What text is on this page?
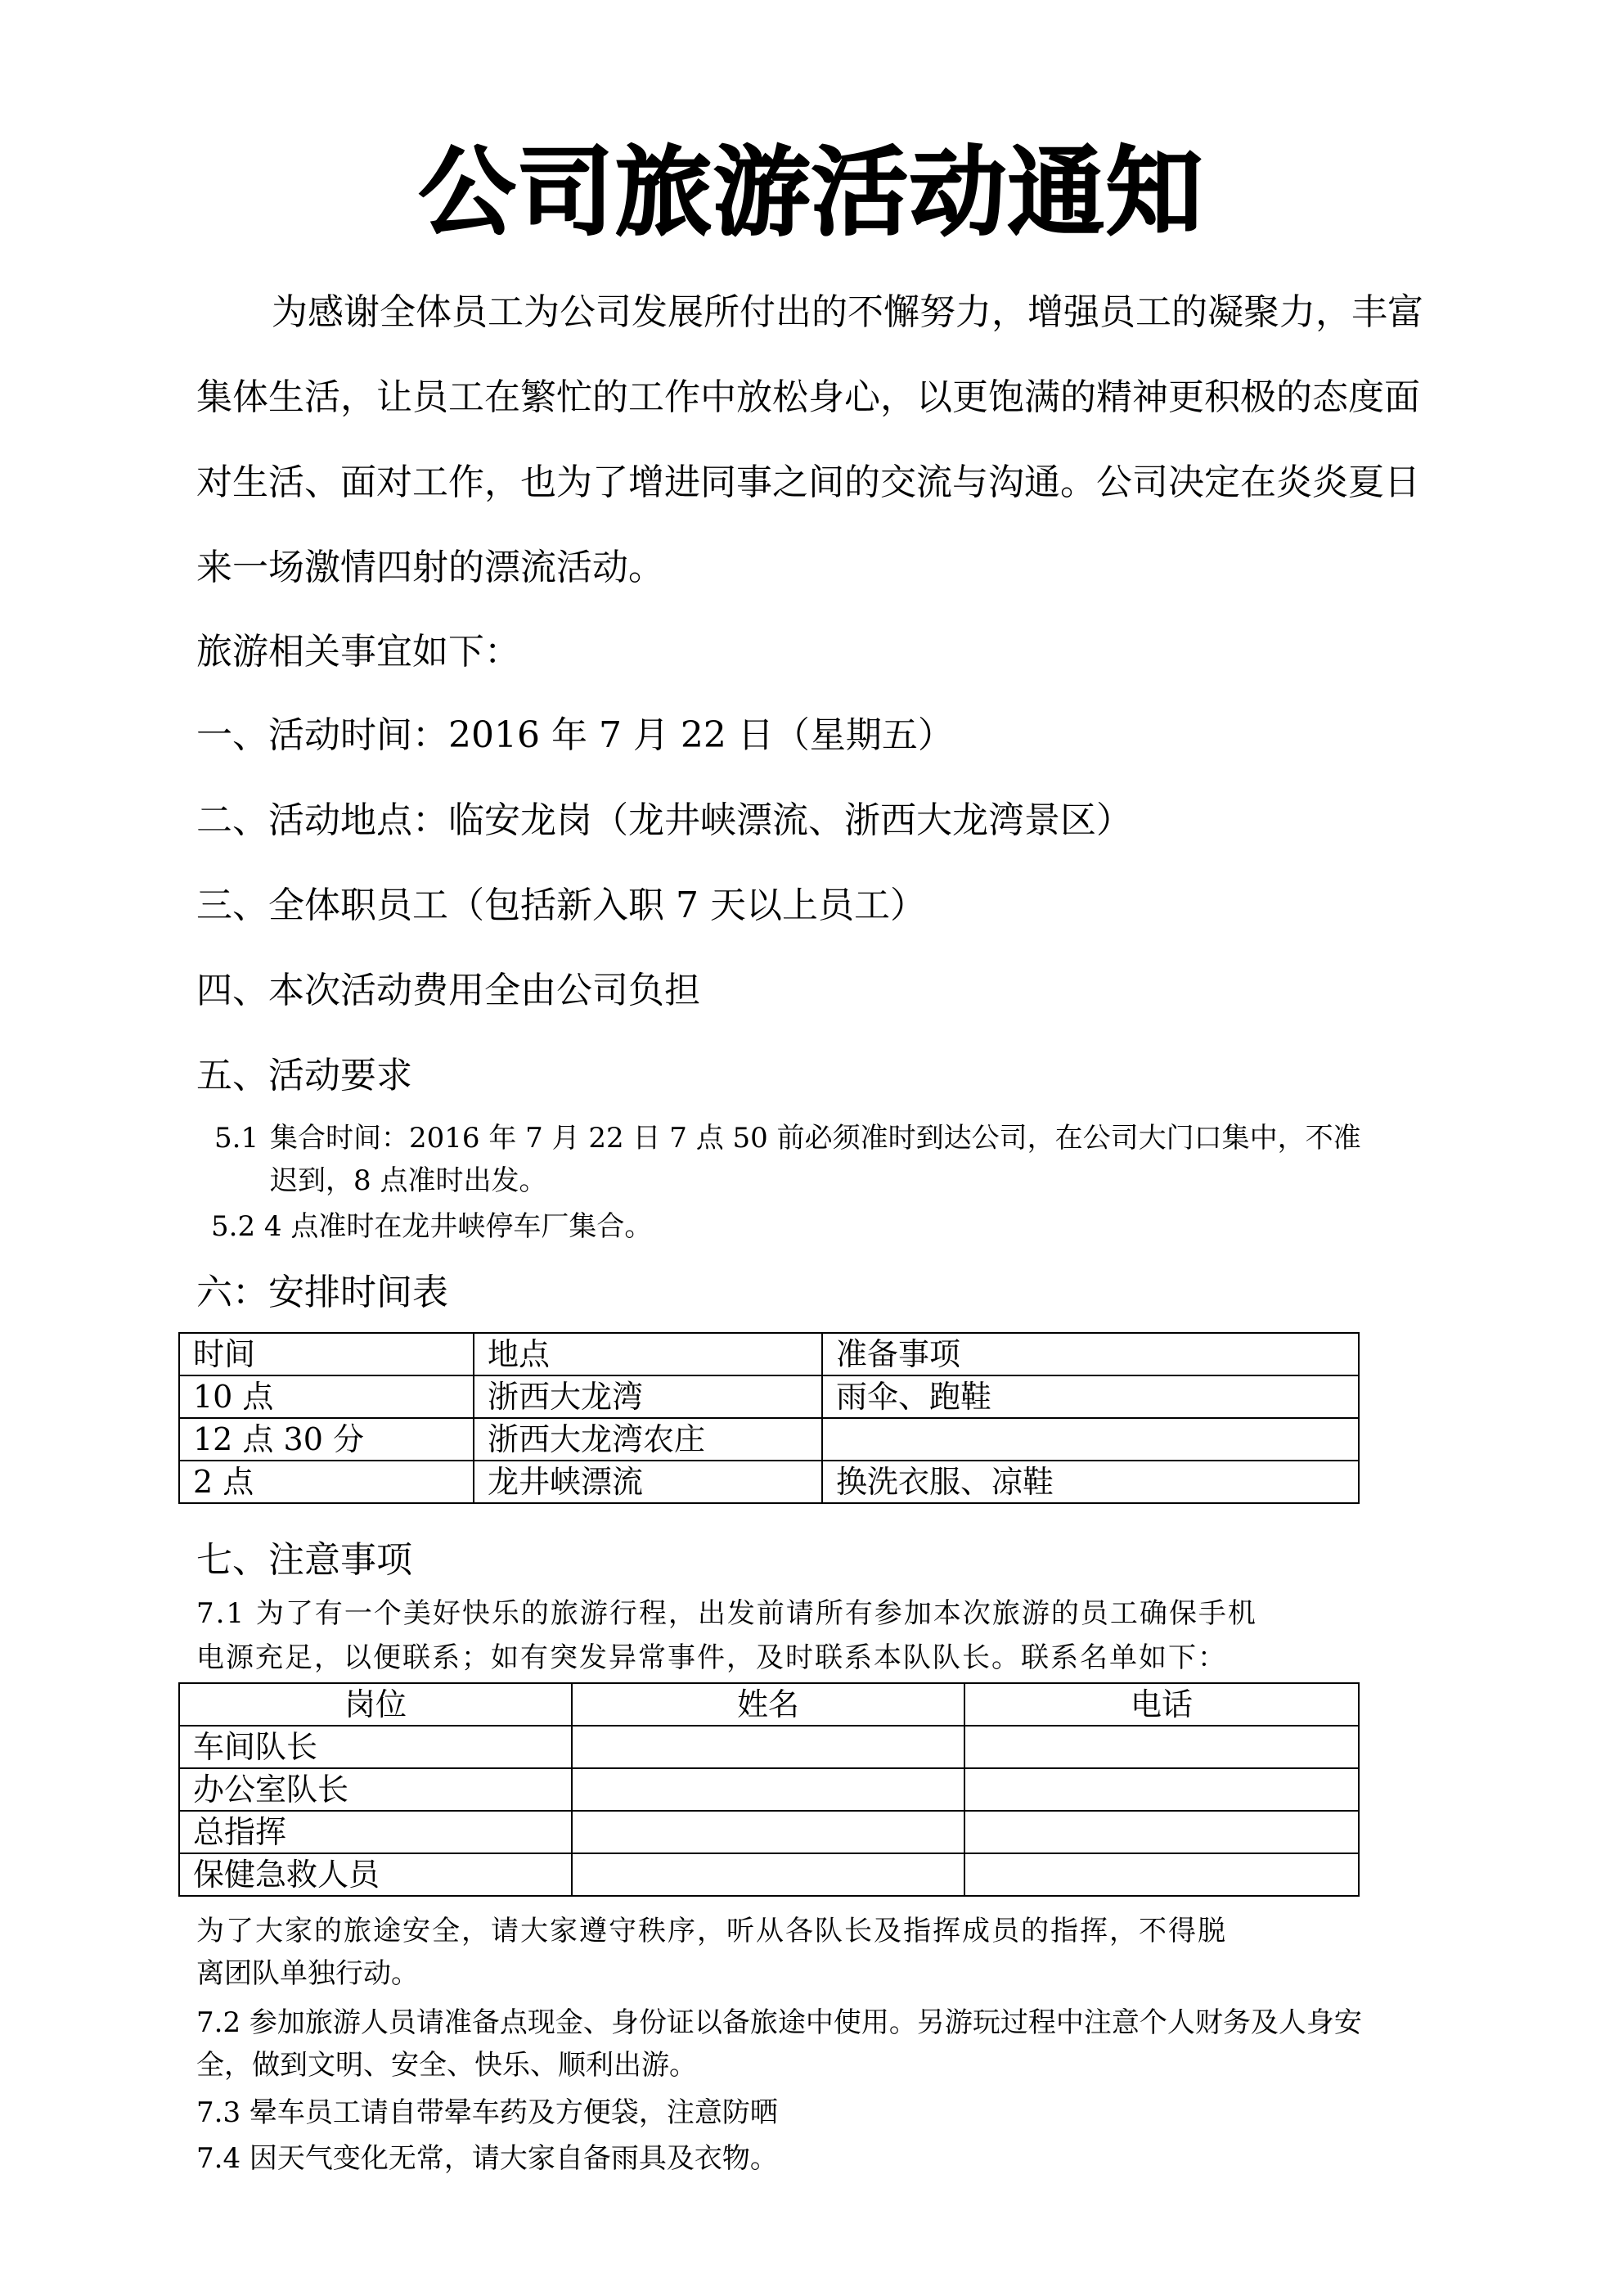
公司旅游活动通知
为感谢全体员工为公司发展所付出的不懈努力，增强员工的凝聚力，丰富集体生活，让员工在繁忙的工作中放松身心，以更饱满的精神更积极的态度面对生活、面对工作，也为了增进同事之间的交流与沟通。公司决定在炎炎夏日来一场激情四射的漂流活动。
旅游相关事宜如下：
一、活动时间：2016 年 7 月 22 日（星期五）
二、活动地点：临安龙岗（龙井峡漂流、浙西大龙湾景区）
三、全体职员工（包括新入职 7 天以上员工）
四、本次活动费用全由公司负担
五、活动要求
5.1 集合时间：2016 年 7 月 22 日 7 点 50 前必须准时到达公司，在公司大门口集中，不准
迟到，8 点准时出发。
5.2 4 点准时在龙井峡停车厂集合。
六：安排时间表
时间	地点	准备事项
10 点	浙西大龙湾	雨伞、跑鞋
12 点 30 分	浙西大龙湾农庄	
2 点	龙井峡漂流	换洗衣服、凉鞋
七、注意事项
7.1 为了有一个美好快乐的旅游行程，出发前请所有参加本次旅游的员工确保手机
电源充足，以便联系；如有突发异常事件，及时联系本队队长。联系名单如下：
岗位	姓名	电话
车间队长		
办公室队长		
总指挥		
保健急救人员		
为了大家的旅途安全，请大家遵守秩序，听从各队长及指挥成员的指挥，不得脱
离团队单独行动。
7.2 参加旅游人员请准备点现金、身份证以备旅途中使用。另游玩过程中注意个人财务及人身安
全，做到文明、安全、快乐、顺利出游。
7.3 晕车员工请自带晕车药及方便袋，注意防晒
7.4 因天气变化无常，请大家自备雨具及衣物。
